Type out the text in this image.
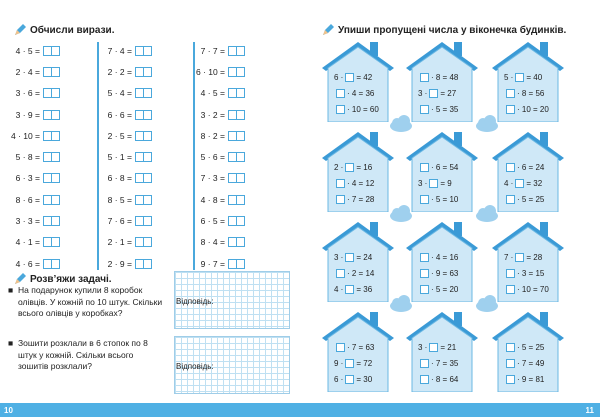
Обчисли вирази.
4 · 5 =
2 · 4 =
3 · 6 =
3 · 9 =
4 · 10 =
5 · 8 =
6 · 3 =
8 · 6 =
3 · 3 =
4 · 1 =
4 · 6 =
7 · 4 =
2 · 2 =
5 · 4 =
6 · 6 =
2 · 5 =
5 · 1 =
6 · 8 =
8 · 5 =
7 · 6 =
2 · 1 =
2 · 9 =
7 · 7 =
6 · 10 =
4 · 5 =
3 · 2 =
8 · 2 =
5 · 6 =
7 · 3 =
4 · 8 =
6 · 5 =
8 · 4 =
9 · 7 =
Розв’яжи задачі.
■ На подарунок купили 8 коробок олівців. У кожній по 10 штук. Скільки всього олівців у коробках?
Відповідь:
■ Зошити розклали в 6 стопок по 8 штук у кожній. Скільки всього зошитів розклали?	Відповідь:
10
Упиши пропущені числа у віконечка будинків.
6 · = 42
· 4 = 36
· 10 = 60
· 8 = 48
3 · = 27
· 5 = 35
5 · = 40
· 8 = 56
· 10 = 20
2 · = 16
· 4 = 12
· 7 = 28
· 6 = 54
3 · = 9
· 5 = 10
· 6 = 24
4 · = 32
· 5 = 25
3 · = 24
· 2 = 14
4 · = 36
· 4 = 16
· 9 = 63
· 5 = 20
7 · = 28
· 3 = 15
· 10 = 70
· 7 = 63
9 · = 72
6 · = 30
3 · = 21
· 7 = 35
· 8 = 64
· 5 = 25
· 7 = 49
· 9 = 81
11
